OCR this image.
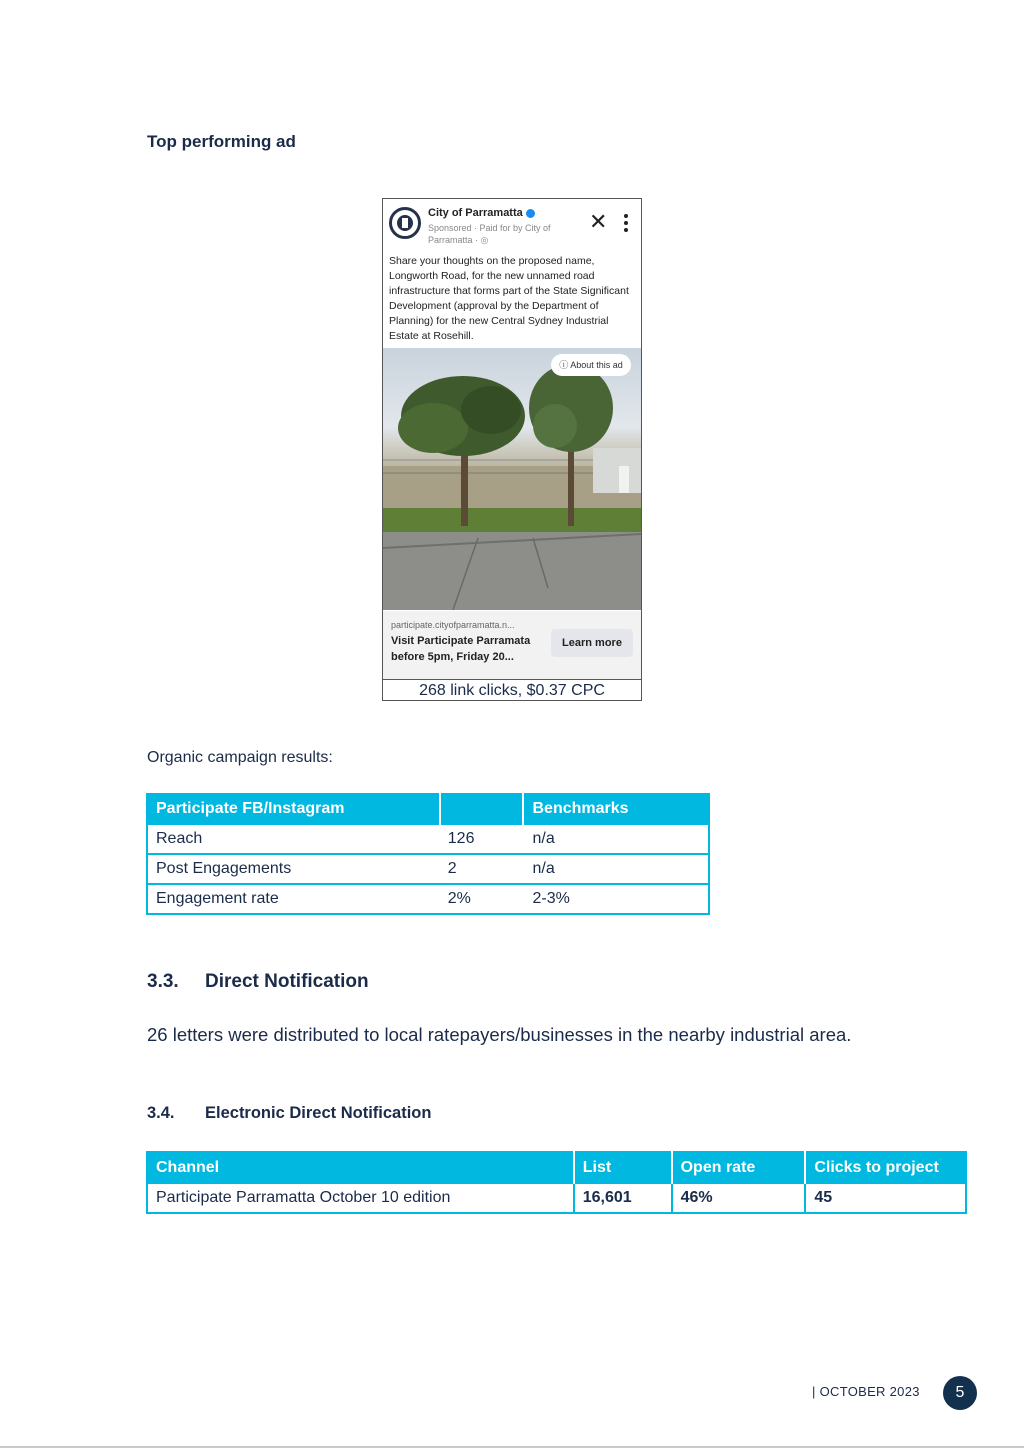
Top performing ad
City of Parramatta
Sponsored · Paid for by City of Parramatta · ◎
✕
Share your thoughts on the proposed name, Longworth Road, for the new unnamed road infrastructure that forms part of the State Significant Development (approval by the Department of Planning) for the new Central Sydney Industrial Estate at Rosehill.
ⓘ About this ad
participate.cityofparramatta.n...
Visit Participate Parramata before 5pm, Friday 20...
Learn more
268 link clicks, $0.37 CPC
Organic campaign results:
Participate FB/Instagram		Benchmarks
Reach	126	n/a
Post Engagements	2	n/a
Engagement rate	2%	2-3%
3.3. Direct Notification
26 letters were distributed to local ratepayers/businesses in the nearby industrial area.
3.4. Electronic Direct Notification
Channel	List	Open rate	Clicks to project
Participate Parramatta October 10 edition	16,601	46%	45
| OCTOBER 2023	5
